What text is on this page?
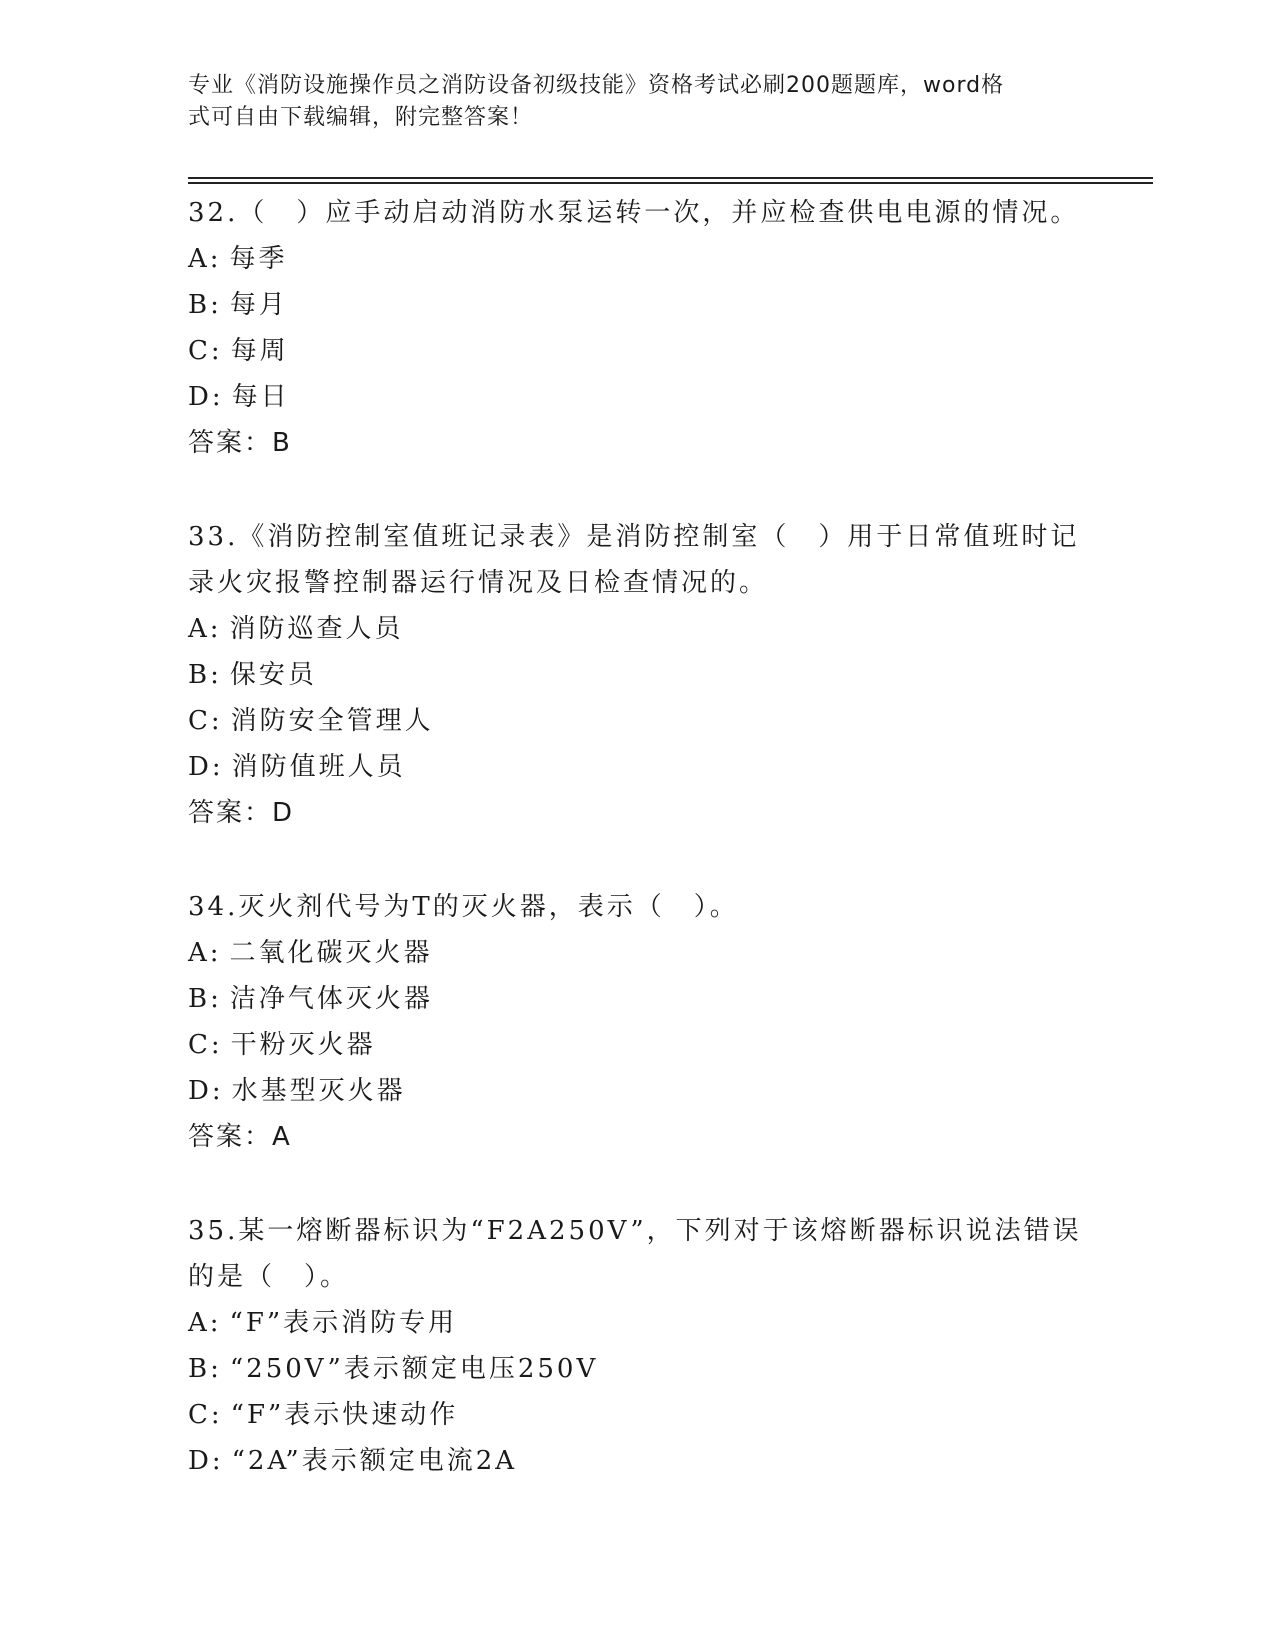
专业《消防设施操作员之消防设备初级技能》资格考试必刷200题题库，word格
式可自由下载编辑，附完整答案！
32.（　）应手动启动消防水泵运转一次，并应检查供电电源的情况。
A: 每季
B: 每月
C: 每周
D: 每日
答案：B
33.《消防控制室值班记录表》是消防控制室（　）用于日常值班时记
录火灾报警控制器运行情况及日检查情况的。
A: 消防巡查人员
B: 保安员
C: 消防安全管理人
D: 消防值班人员
答案：D
34.灭火剂代号为T的灭火器，表示（　）。
A: 二氧化碳灭火器
B: 洁净气体灭火器
C: 干粉灭火器
D: 水基型灭火器
答案：A
35.某一熔断器标识为“F2A250V”，下列对于该熔断器标识说法错误
的是（　）。
A: “F”表示消防专用
B: “250V”表示额定电压250V
C: “F”表示快速动作
D: “2A”表示额定电流2A
